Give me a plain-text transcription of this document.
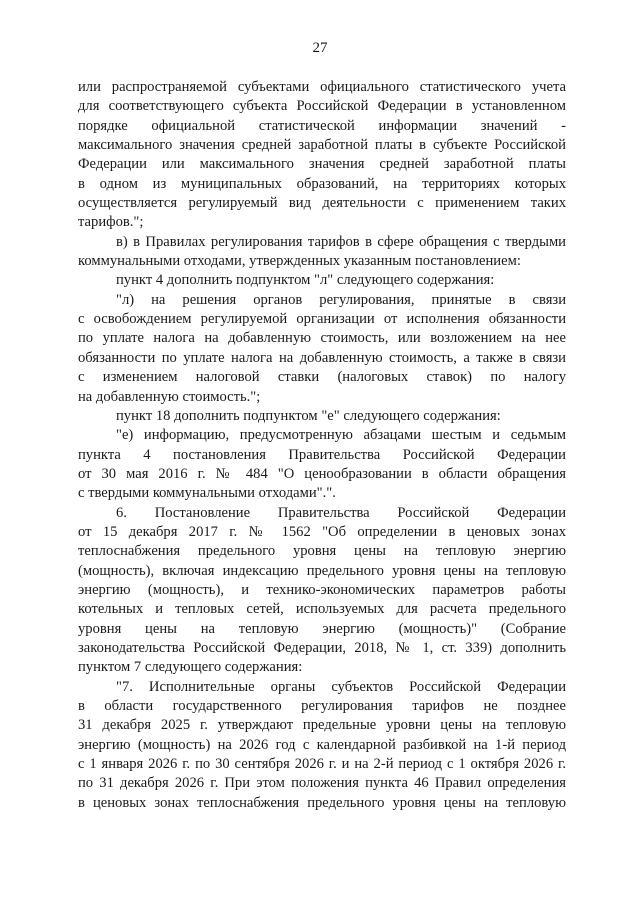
27
или распространяемой субъектами официального статистического учета
для соответствующего субъекта Российской Федерации в установленном
порядке официальной статистической информации значений -
максимального значения средней заработной платы в субъекте Российской
Федерации или максимального значения средней заработной платы
в одном из муниципальных образований, на территориях которых
осуществляется регулируемый вид деятельности с применением таких
тарифов.";
в) в Правилах регулирования тарифов в сфере обращения с твердыми
коммунальными отходами, утвержденных указанным постановлением:
пункт 4 дополнить подпунктом "л" следующего содержания:
"л) на решения органов регулирования, принятые в связи
с освобождением регулируемой организации от исполнения обязанности
по уплате налога на добавленную стоимость, или возложением на нее
обязанности по уплате налога на добавленную стоимость, а также в связи
с изменением налоговой ставки (налоговых ставок) по налогу
на добавленную стоимость.";
пункт 18 дополнить подпунктом "е" следующего содержания:
"е) информацию, предусмотренную абзацами шестым и седьмым
пункта 4 постановления Правительства Российской Федерации
от 30 мая 2016 г. № 484 "О ценообразовании в области обращения
с твердыми коммунальными отходами".".
6. Постановление Правительства Российской Федерации
от 15 декабря 2017 г. № 1562 "Об определении в ценовых зонах
теплоснабжения предельного уровня цены на тепловую энергию
(мощность), включая индексацию предельного уровня цены на тепловую
энергию (мощность), и технико-экономических параметров работы
котельных и тепловых сетей, используемых для расчета предельного
уровня цены на тепловую энергию (мощность)" (Собрание
законодательства Российской Федерации, 2018, № 1, ст. 339) дополнить
пунктом 7 следующего содержания:
"7. Исполнительные органы субъектов Российской Федерации
в области государственного регулирования тарифов не позднее
31 декабря 2025 г. утверждают предельные уровни цены на тепловую
энергию (мощность) на 2026 год с календарной разбивкой на 1-й период
с 1 января 2026 г. по 30 сентября 2026 г. и на 2-й период с 1 октября 2026 г.
по 31 декабря 2026 г. При этом положения пункта 46 Правил определения
в ценовых зонах теплоснабжения предельного уровня цены на тепловую
